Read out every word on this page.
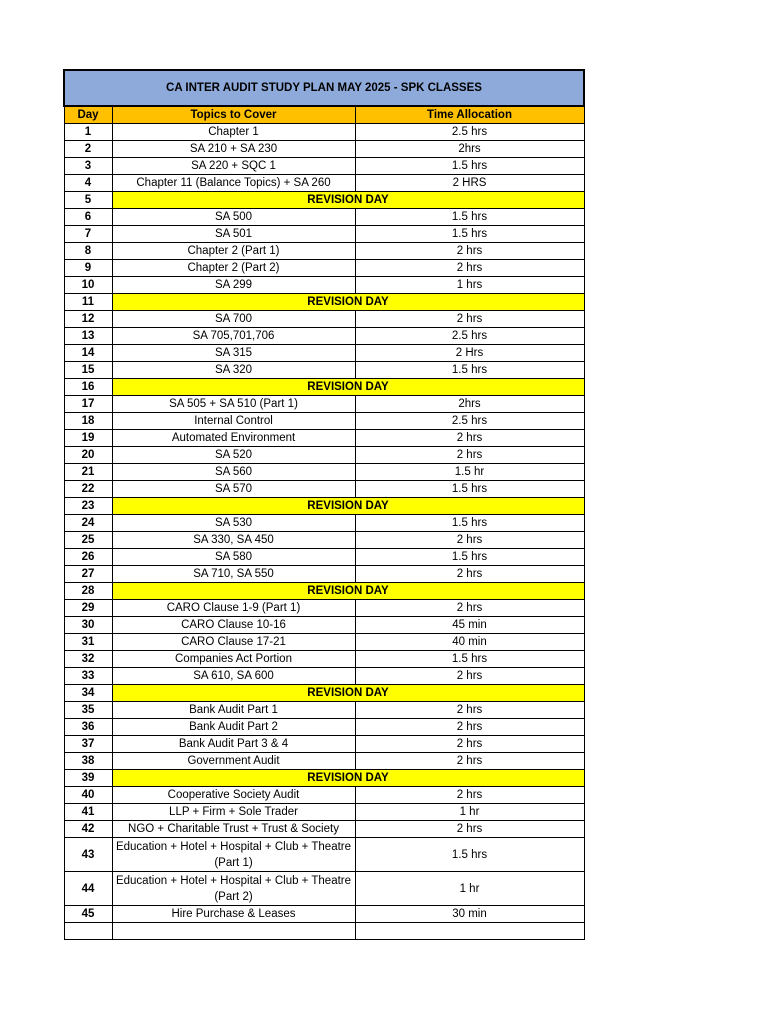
CA INTER AUDIT STUDY PLAN MAY 2025 - SPK CLASSES		
Day	Topics to Cover	Time Allocation
1	Chapter 1	2.5 hrs
2	SA 210 + SA 230	2hrs
3	SA 220 + SQC 1	1.5 hrs
4	Chapter 11 (Balance Topics) + SA 260	2 HRS
5	REVISION DAY	
6	SA 500	1.5 hrs
7	SA 501	1.5 hrs
8	Chapter 2 (Part 1)	2 hrs
9	Chapter 2 (Part 2)	2 hrs
10	SA 299	1 hrs
11	REVISION DAY	
12	SA 700	2 hrs
13	SA 705,701,706	2.5 hrs
14	SA 315	2 Hrs
15	SA 320	1.5 hrs
16	REVISION DAY	
17	SA 505 + SA 510 (Part 1)	2hrs
18	Internal Control	2.5 hrs
19	Automated Environment	2 hrs
20	SA 520	2 hrs
21	SA 560	1.5 hr
22	SA 570	1.5 hrs
23	REVISION DAY	
24	SA 530	1.5 hrs
25	SA 330, SA 450	2 hrs
26	SA 580	1.5 hrs
27	SA 710, SA 550	2 hrs
28	REVISION DAY	
29	CARO Clause 1-9 (Part 1)	2 hrs
30	CARO Clause 10-16	45 min
31	CARO Clause 17-21	40 min
32	Companies Act Portion	1.5 hrs
33	SA 610, SA 600	2 hrs
34	REVISION DAY	
35	Bank Audit Part 1	2 hrs
36	Bank Audit Part 2	2 hrs
37	Bank Audit Part 3 & 4	2 hrs
38	Government Audit	2 hrs
39	REVISION DAY	
40	Cooperative Society Audit	2 hrs
41	LLP + Firm + Sole Trader	1 hr
42	NGO + Charitable Trust + Trust & Society	2 hrs
43	Education + Hotel + Hospital + Club + Theatre (Part 1)	1.5 hrs
44	Education + Hotel + Hospital + Club + Theatre (Part 2)	1 hr
45	Hire Purchase & Leases	30 min
